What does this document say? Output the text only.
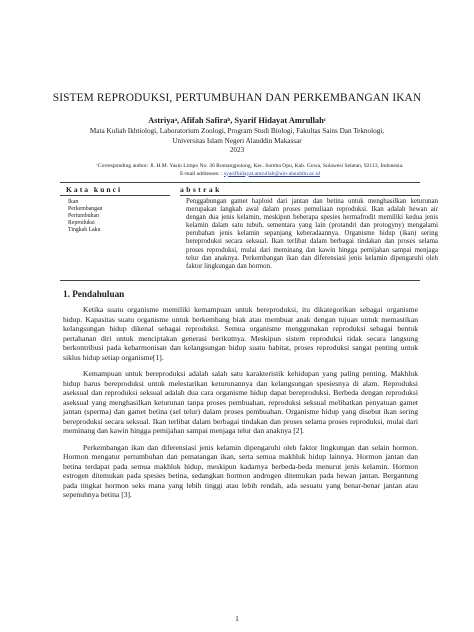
SISTEM REPRODUKSI, PERTUMBUHAN DAN PERKEMBANGAN IKAN
Astriyaᵃ, Afifah Safiraᵇ, Syarif Hidayat Amrullahᶜ
Mata Kuliah Ikhtiologi, Laboratorium Zoologi, Program Studi Biologi, Fakultas Sains Dan Teknologi,
Universitas Islam Negeri Alauddin Makassar
2023
ᶜCorresponding author: Jl. H.M. Yasin Limpo No. 36 Romangpolong, Kec. Somba Opu, Kab. Gowa, Sulawesi Selatan, 92113, Indonesia.
E-mail addresses: : syarifhidayat.amrullah@uin-alauddin.ac.id
Kata kunci	abstrak
Ikan
Perkembangan
Pertumbuhan
Reproduksi
Tingkah Laku
Penggabungan gamet haploid dari jantan dan betina untuk menghasilkan keturunan merupakan langkah awal dalam proses pemuliaan reproduksi. Ikan adalah hewan air dengan dua jenis kelamin, meskipun beberapa spesies hermafrodit memiliki kedua jenis kelamin dalam satu tubuh, sementara yang lain (protandri dan protogyny) mengalami perubahan jenis kelamin sepanjang keberadaannya. Organisme hidup (ikan) sering bereproduksi secara seksual. Ikan terlibat dalam berbagai tindakan dan proses selama proses reproduksi, mulai dari meminang dan kawin hingga pemijahan sampai menjaga telur dan anaknya. Perkembangan ikan dan diferensiasi jenis kelamin dipengaruhi oleh faktor lingkungan dan hormon.
1. Pendahuluan

Ketika suatu organisme memiliki kemampuan untuk bereproduksi, itu dikategorikan sebagai organisme hidup. Kapasitas suatu organisme untuk berkembang biak atau membuat anak dengan tujuan untuk memastikan kelangsungan hidup dikenal sebagai reproduksi. Semua organisme menggunakan reproduksi sebagai bentuk pertahanan diri untuk menciptakan generasi berikutnya. Meskipun sistem reproduksi tidak secara langsung berkontribusi pada keharmonisan dan kelangsungan hidup suatu habitat, proses reproduksi sangat penting untuk siklus hidup setiap organisme[1].

Kemampuan untuk bereproduksi adalah salah satu karakteristik kehidupan yang paling penting. Makhluk hidup harus bereproduksi untuk melestarikan keturunannya dan kelangsungan spesiesnya di alam. Reproduksi aseksual dan reproduksi seksual adalah dua cara organisme hidup dapat bereproduksi. Berbeda dengan reproduksi aseksual yang menghasilkan keturunan tanpa proses pembuahan, reproduksi seksual melibatkan penyatuan gamet jantan (sperma) dan gamet betina (sel telur) dalam proses pembuahan. Organisme hidup yang disebut ikan sering bereproduksi secara seksual. Ikan terlibat dalam berbagai tindakan dan proses selama proses reproduksi, mulai dari meminang dan kawin hingga pemijahan sampai menjaga telur dan anaknya [2].

Perkembangan ikan dan diferensiasi jenis kelamin dipengaruhi oleh faktor lingkungan dan selain hormon. Hormon mengatur pertumbuhan dan pematangan ikan, serta semua makhluk hidup lainnya. Hormon jantan dan betina terdapat pada semua makhluk hidup, meskipun kadarnya berbeda-beda menurut jenis kelamin. Hormon estrogen ditemukan pada spesies betina, sedangkan hormon androgen ditemukan pada hewan jantan. Bergantung pada tingkat hormon seks mana yang lebih tinggi atau lebih rendah, ada sesuatu yang benar-benar jantan atau sepenuhnya betina [3].

1
